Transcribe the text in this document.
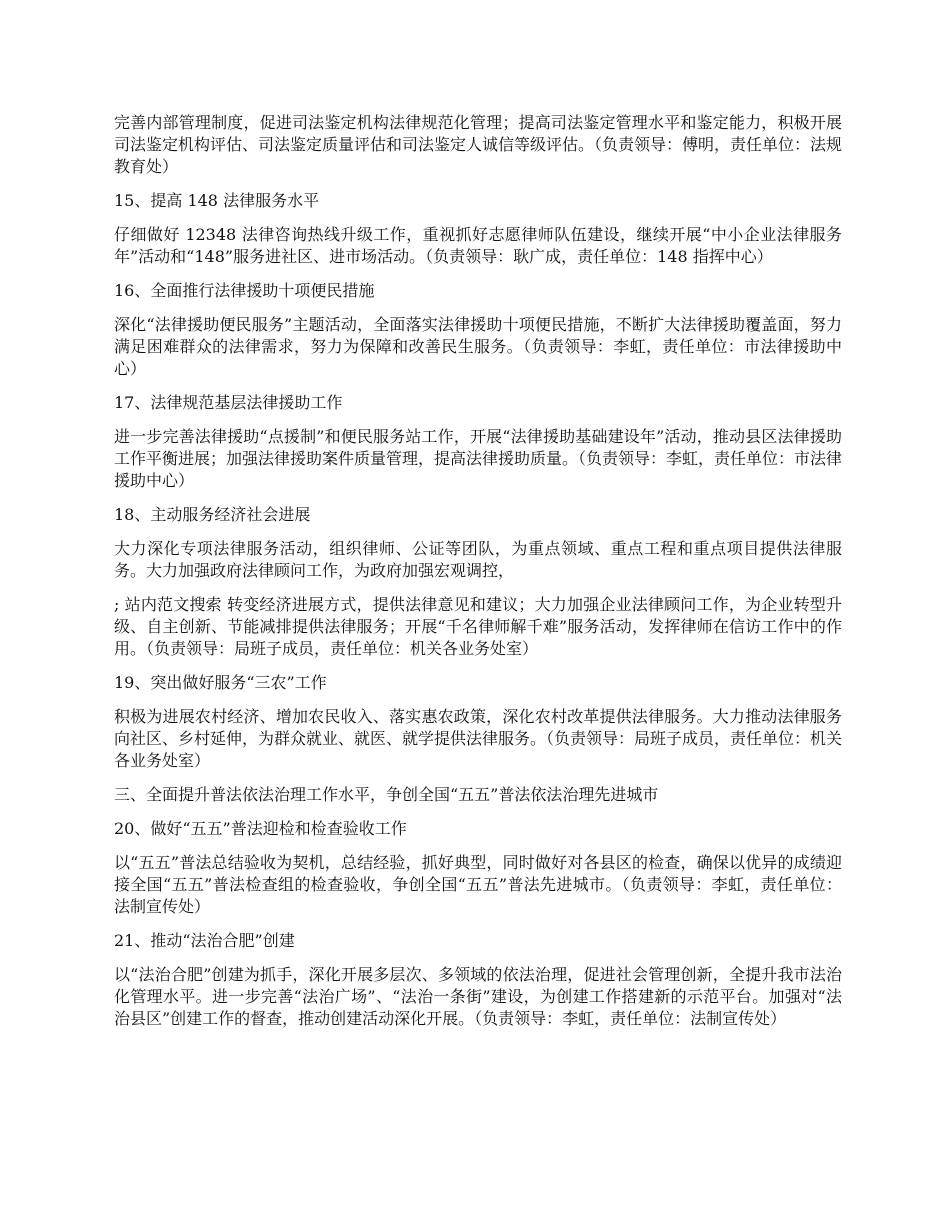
完善内部管理制度，促进司法鉴定机构法律规范化管理；提高司法鉴定管理水平和鉴定能力，积极开展司法鉴定机构评估、司法鉴定质量评估和司法鉴定人诚信等级评估。（负责领导：傅明，责任单位：法规教育处）

15、提高 148 法律服务水平

仔细做好 12348 法律咨询热线升级工作，重视抓好志愿律师队伍建设，继续开展“中小企业法律服务年”活动和“148”服务进社区、进市场活动。（负责领导：耿广成，责任单位：148 指挥中心）

16、全面推行法律援助十项便民措施

深化“法律援助便民服务”主题活动，全面落实法律援助十项便民措施，不断扩大法律援助覆盖面，努力满足困难群众的法律需求，努力为保障和改善民生服务。（负责领导：李虹，责任单位：市法律援助中心）

17、法律规范基层法律援助工作

进一步完善法律援助“点援制”和便民服务站工作，开展“法律援助基础建设年”活动，推动县区法律援助工作平衡进展；加强法律援助案件质量管理，提高法律援助质量。（负责领导：李虹，责任单位：市法律援助中心）

18、主动服务经济社会进展

大力深化专项法律服务活动，组织律师、公证等团队，为重点领域、重点工程和重点项目提供法律服务。大力加强政府法律顾问工作，为政府加强宏观调控，

; 站内范文搜索 转变经济进展方式，提供法律意见和建议；大力加强企业法律顾问工作，为企业转型升级、自主创新、节能减排提供法律服务；开展“千名律师解千难”服务活动，发挥律师在信访工作中的作用。（负责领导：局班子成员，责任单位：机关各业务处室）

19、突出做好服务“三农”工作

积极为进展农村经济、增加农民收入、落实惠农政策，深化农村改革提供法律服务。大力推动法律服务向社区、乡村延伸，为群众就业、就医、就学提供法律服务。（负责领导：局班子成员，责任单位：机关各业务处室）

三、全面提升普法依法治理工作水平，争创全国“五五”普法依法治理先进城市

20、做好“五五”普法迎检和检查验收工作

以“五五”普法总结验收为契机，总结经验，抓好典型，同时做好对各县区的检查，确保以优异的成绩迎接全国“五五”普法检查组的检查验收，争创全国“五五”普法先进城市。（负责领导：李虹，责任单位：法制宣传处）

21、推动“法治合肥”创建

以“法治合肥”创建为抓手，深化开展多层次、多领域的依法治理，促进社会管理创新，全提升我市法治化管理水平。进一步完善“法治广场”、“法治一条街”建设，为创建工作搭建新的示范平台。加强对“法治县区”创建工作的督查，推动创建活动深化开展。（负责领导：李虹，责任单位：法制宣传处）
